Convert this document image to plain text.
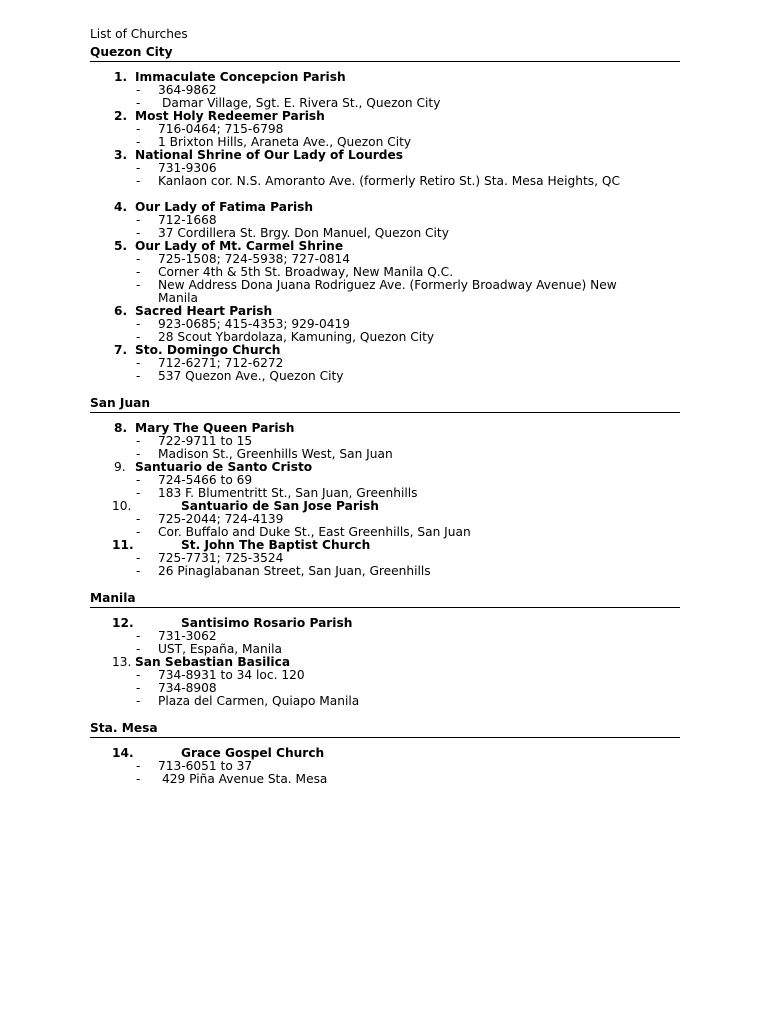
List of Churches
Quezon City
1. Immaculate Concepcion Parish
- 364-9862
-	Damar Village, Sgt. E. Rivera St., Quezon City
2. Most Holy Redeemer Parish
- 716-0464; 715-6798
- 1 Brixton Hills, Araneta Ave., Quezon City
3. National Shrine of Our Lady of Lourdes
- 731-9306
- Kanlaon cor. N.S. Amoranto Ave. (formerly Retiro St.) Sta. Mesa Heights, QC
4. Our Lady of Fatima Parish
- 712-1668
- 37 Cordillera St. Brgy. Don Manuel, Quezon City
5. Our Lady of Mt. Carmel Shrine
- 725-1508; 724-5938; 727-0814
- Corner 4th & 5th St. Broadway, New Manila Q.C.
- New Address Dona Juana Rodriguez Ave. (Formerly Broadway Avenue) New Manila
6. Sacred Heart Parish
- 923-0685; 415-4353; 929-0419
- 28 Scout Ybardolaza, Kamuning, Quezon City
7. Sto. Domingo Church
- 712-6271; 712-6272
- 537 Quezon Ave., Quezon City
San Juan
8. Mary The Queen Parish
- 722-9711 to 15
- Madison St., Greenhills West, San Juan
9. Santuario de Santo Cristo
- 724-5466 to 69
- 183 F. Blumentritt St., San Juan, Greenhills
10.	Santuario de San Jose Parish
- 725-2044; 724-4139
- Cor. Buffalo and Duke St., East Greenhills, San Juan
11.	St. John The Baptist Church
- 725-7731; 725-3524
- 26 Pinaglabanan Street, San Juan, Greenhills
Manila
12.	Santisimo Rosario Parish
- 731-3062
- UST, España, Manila
13. San Sebastian Basilica
- 734-8931 to 34 loc. 120
- 734-8908
- Plaza del Carmen, Quiapo Manila
Sta. Mesa
14.	Grace Gospel Church
- 713-6051 to 37
-	429 Piña Avenue Sta. Mesa
